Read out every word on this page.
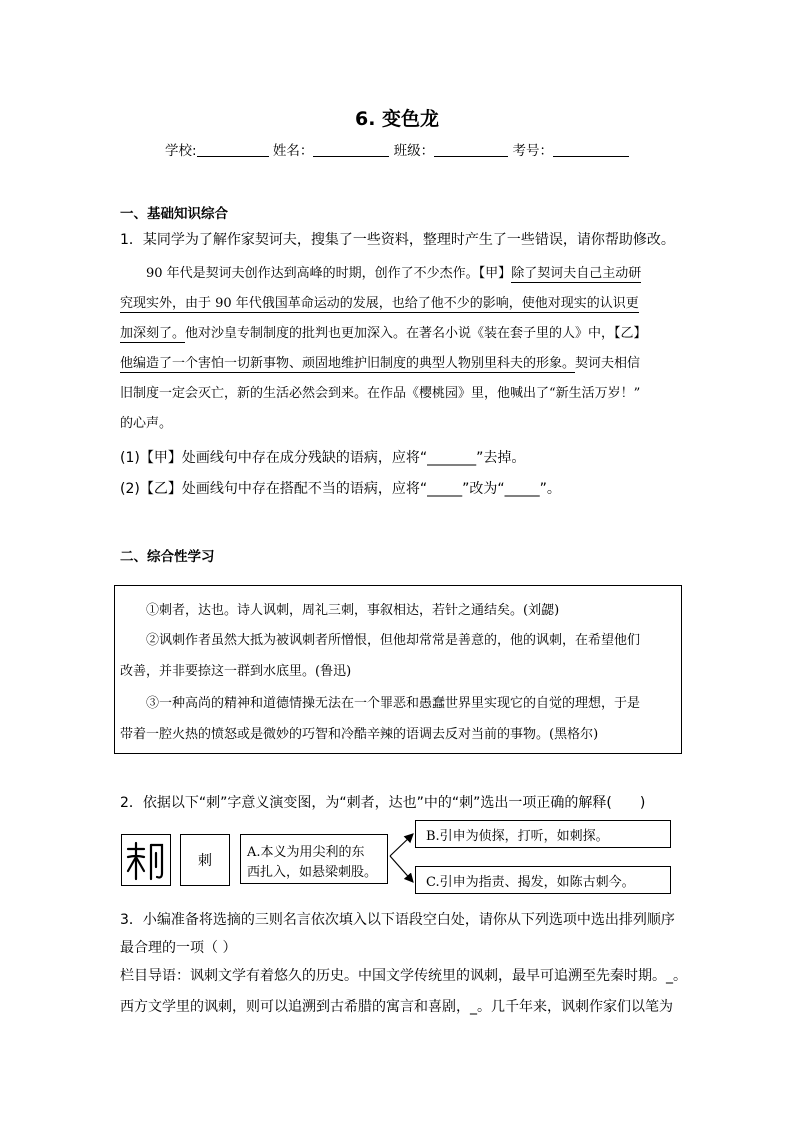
6. 变色龙
学校:	姓名：	班级：	考号：
一、基础知识综合
1．某同学为了解作家契诃夫，搜集了一些资料，整理时产生了一些错误，请你帮助修改。
90 年代是契诃夫创作达到高峰的时期，创作了不少杰作。【甲】除了契诃夫自己主动研
究现实外，由于 90 年代俄国革命运动的发展，也给了他不少的影响，使他对现实的认识更
加深刻了。他对沙皇专制制度的批判也更加深入。在著名小说《装在套子里的人》中，【乙】
他编造了一个害怕一切新事物、顽固地维护旧制度的典型人物别里科夫的形象。契诃夫相信
旧制度一定会灭亡，新的生活必然会到来。在作品《樱桃园》里，他喊出了“新生活万岁！”
的心声。
(1)【甲】处画线句中存在成分残缺的语病，应将“_______”去掉。
(2)【乙】处画线句中存在搭配不当的语病，应将“_____”改为“_____”。
二、综合性学习
①刺者，达也。诗人讽刺，周礼三刺，事叙相达，若针之通结矣。(刘勰)
②讽刺作者虽然大抵为被讽刺者所憎恨，但他却常常是善意的，他的讽刺，在希望他们
改善，并非要捺这一群到水底里。(鲁迅)
③一种高尚的精神和道德情操无法在一个罪恶和愚蠢世界里实现它的自觉的理想，于是
带着一腔火热的愤怒或是微妙的巧智和冷酷辛辣的语调去反对当前的事物。(黑格尔)
2．依据以下“刺”字意义演变图，为“刺者，达也”中的“刺”选出一项正确的解释(　　)
刺
A.本义为用尖利的东
西扎入，如悬梁刺股。
B.引申为侦探，打听，如刺探。
C.引申为指责、揭发，如陈古刺今。
3．小编准备将选摘的三则名言依次填入以下语段空白处，请你从下列选项中选出排列顺序
最合理的一项（ ）
栏目导语：讽刺文学有着悠久的历史。中国文学传统里的讽刺，最早可追溯至先秦时期。_。
西方文学里的讽刺，则可以追溯到古希腊的寓言和喜剧，_。几千年来，讽刺作家们以笔为
